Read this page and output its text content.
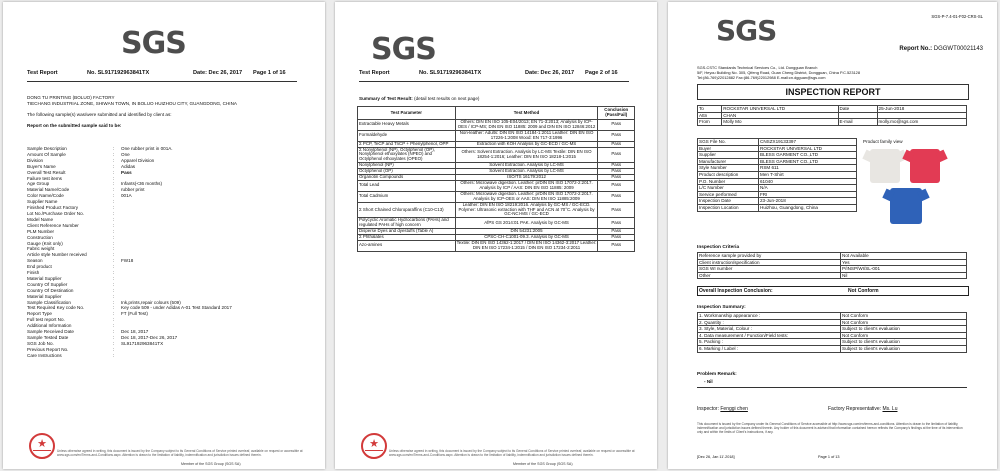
SGS
Test Report	No. SL917192963841TX	Date: Dec 26, 2017 Page 1 of 16
DONG TU PRINTING (BOLUO) FACTORY
TIECHANG INDUSTRIAL ZONE, SHIWAN TOWN, IN BOLUO HUIZHOU CITY, GUANGDONG, CHINA
The following sample(s) was/were submitted and identified by client as:
Report on the submitted sample said to be:
Sample Description	:	One rubber print in 001A.
Amount Of Sample	:	One
Division	:	Apparel Division
Buyer's Name	:	Adidas
Overall Test Result	:	Pass
Failure test items	:
Age Group	:	Infants(<36 months)
Material Name/Code	:	rubber print
Color Name/Code	:	001A
Supplier Name	:
Finished Product Factory	:
Lot No./Purchase Order No.	:
Model Name	:
Client Reference Number	:
PLM Number	:
Construction	:
Gauge (Knit only)	:
Fabric weight	:
Article style Number received	:
Season	:	FW18
End product	:
Finish	:
Material Supplier	:
Country Of Supplier	:
Country Of Destination	:
Material Supplier	:
Sample Classification	:	Ink,prints,repair colours (509)
Test Required Key code No.	:	Key code 509 - under Adidas A-01 Test Standard 2017
Report Type	:	FT (Full Test)
Full test report No.	:
Additional Information	:
Sample Received Date	:	Dec 18, 2017
Sample Tested Date	:	Dec 18, 2017-Dec 26, 2017
SGS Job No.	:	SL917192963841TX
Previous Report No.	:
Care Instructions	:
★
Unless otherwise agreed in writing, this document is issued by the Company subject to its General Conditions of Service printed overleaf, available on request or accessible at www.sgs.com/en/Terms-and-Conditions.aspx. Attention is drawn to the limitation of liability, indemnification and jurisdiction issues defined therein.
Member of the SGS Group (SGS SA)
SGS
Test Report	No. SL917192963841TX	Date: Dec 26, 2017 Page 2 of 16
Summary of Test Result: (detail test results on next page)
Test Parameter	Test Method	Conclusion (Pass/Fail)
Extractable Heavy Metals	Others: DIN EN ISO 105-E04/2013; EN 71-3:2013; Analysis by ICP-OES / ICP-MS; DIN EN ISO 11885: 2009 and DIN EN ISO 12846:2012	Pass
Formaldehyde	Non-leather: Adults: DIN EN ISO 14184-1:2011 Leather: DIN EN ISO 17226-1:2008 Wood: EN 717-3:1996	Pass
Σ PCP, TeCP and TriCP + Phenylphenol, OPP	Extraction with KOH Analysis by GC-ECD / GC-MS	Pass
Σ Nonylphenol (NP), Octylphenol (OP), Nonylphenol ethoxylates (NPEO) and Octylphenol ethoxylates (OPEO)	Others: Solvent Extraction. Analysis by LC-MS Textile: DIN EN ISO 18254-1:2016; Leather: DIN EN ISO 18218-1:2015	Pass
Nonylphenol (NP)	Solvent Extraction. Analysis by LC-MS	Pass
Octylphenol (OP)	Solvent Extraction. Analysis by LC-MS	Pass
Organotin Compounds	ISO/TS 16179:2012	Pass
Total Lead	Others: Microwave digestion. Leather: prDIN EN ISO 17072-2:2017. Analysis by ICP / AAS: DIN EN ISO 11885: 2009	Pass
Total Cadmium	Others: Microwave digestion. Leather: prDIN EN ISO 17072-2:2017. Analysis by ICP-OES or AAS: DIN EN ISO 11885:2009	Pass
Σ Short Chained Chloroparaffins (C10-C13)	Leather: DIN EN ISO 18219:2016. Analysis by GC-MS / GC-ECD. Polymer: Ultrasonic extraction with THF and ACN at 70°C. Analysis by GC-NCI-MS / GC-ECD	Pass
Polycyclic Aromatic Hydrocarbons (PAHs) and regulated PAHs of high concern	AfPS GS 2014:01 PAK. Analysis by GC-MS	Pass
Disperse Dyes and dyestuffs (Table A)	DIN 54231:2005	Pass
Σ Phthalates	CPSC-CH-C1001-09.3. Analysis by GC-MS	Pass
Azo-amines	Textile: DIN EN ISO 14362-1:2017 / DIN EN ISO 14362-3:2017 Leather: DIN EN ISO 17234-1:2015 / DIN EN ISO 17234-2:2011	Pass
★
Unless otherwise agreed in writing, this document is issued by the Company subject to its General Conditions of Service printed overleaf, available on request or accessible at www.sgs.com/en/Terms-and-Conditions.aspx. Attention is drawn to the limitation of liability, indemnification and jurisdiction issues defined therein.
Member of the SGS Group (SGS SA)
SGS	SGS-P-7.4-01-F02-CRS-SL
Report No.: DGGWT00021143
SGS-CSTC Standards Technical Services Co., Ltd. Dongguan Branch
5/F, Heyou Building No. 305, Qifeng Road, Guan Cheng District, Dongguan, China P.C.523128
Tel:(86-769)22012882 Fax:(86-769)22012988 E-mail:cn.dgguan@sgs.com
INSPECTION REPORT
To	ROCKSTAR UNIVERSAL LTD	Date	25-Jun-2018
Attn	CHAN		
From	Molly Mo	E-mail	molly.mo@sgs.com
SGS File No.	CNSZX19133397
Buyer	ROCKSTAR UNIVERSAL LTD
Supplier	BLESS GARMENT CO.,LTD
Manufacturer	BLESS GARMENT CO.,LTD
Style Number	RSM 611
Product description	Men T-Shirt
P.O. Number	61040
L/C Number	N/A
Service performed	FRI
Inspection Date	23-Jun-2018
Inspection Location	Huizhou, Guangdong, China
Product family view
Inspection Criteria
Reference sample provided by	Not Available
Client instruction/specification	Yes
SGS WI number	P/INSP/WI/SL-001
Other	Nil
Overall Inspection Conclusion:	Not Conform
Inspection Summary:
1. Workmanship appearance :	Not Conform
2. Quantity :	Not Conform
3. Style, Material, Colour :	Subject to client's evaluation
4. Data measurement / Function/Field tests:	Not Conform
5. Packing :	Subject to client's evaluation
6. Marking / Label :	Subject to client's evaluation
Problem Remark:
- Nil
Inspector: Fenggi chen	Factory Representative: Ms. Lu
This document is issued by the Company under its General Conditions of Service accessible at http://www.sgs.com/en/terms-and-conditions. Attention is drawn to the limitation of liability, indemnification and jurisdiction issues defined therein. Any holder of this document is advised that information contained hereon reflects the Company's findings at the time of its intervention only and within the limits of Client's instructions, if any.
[Dec 26, Jan 11'.2018]	Page 1 of 13
